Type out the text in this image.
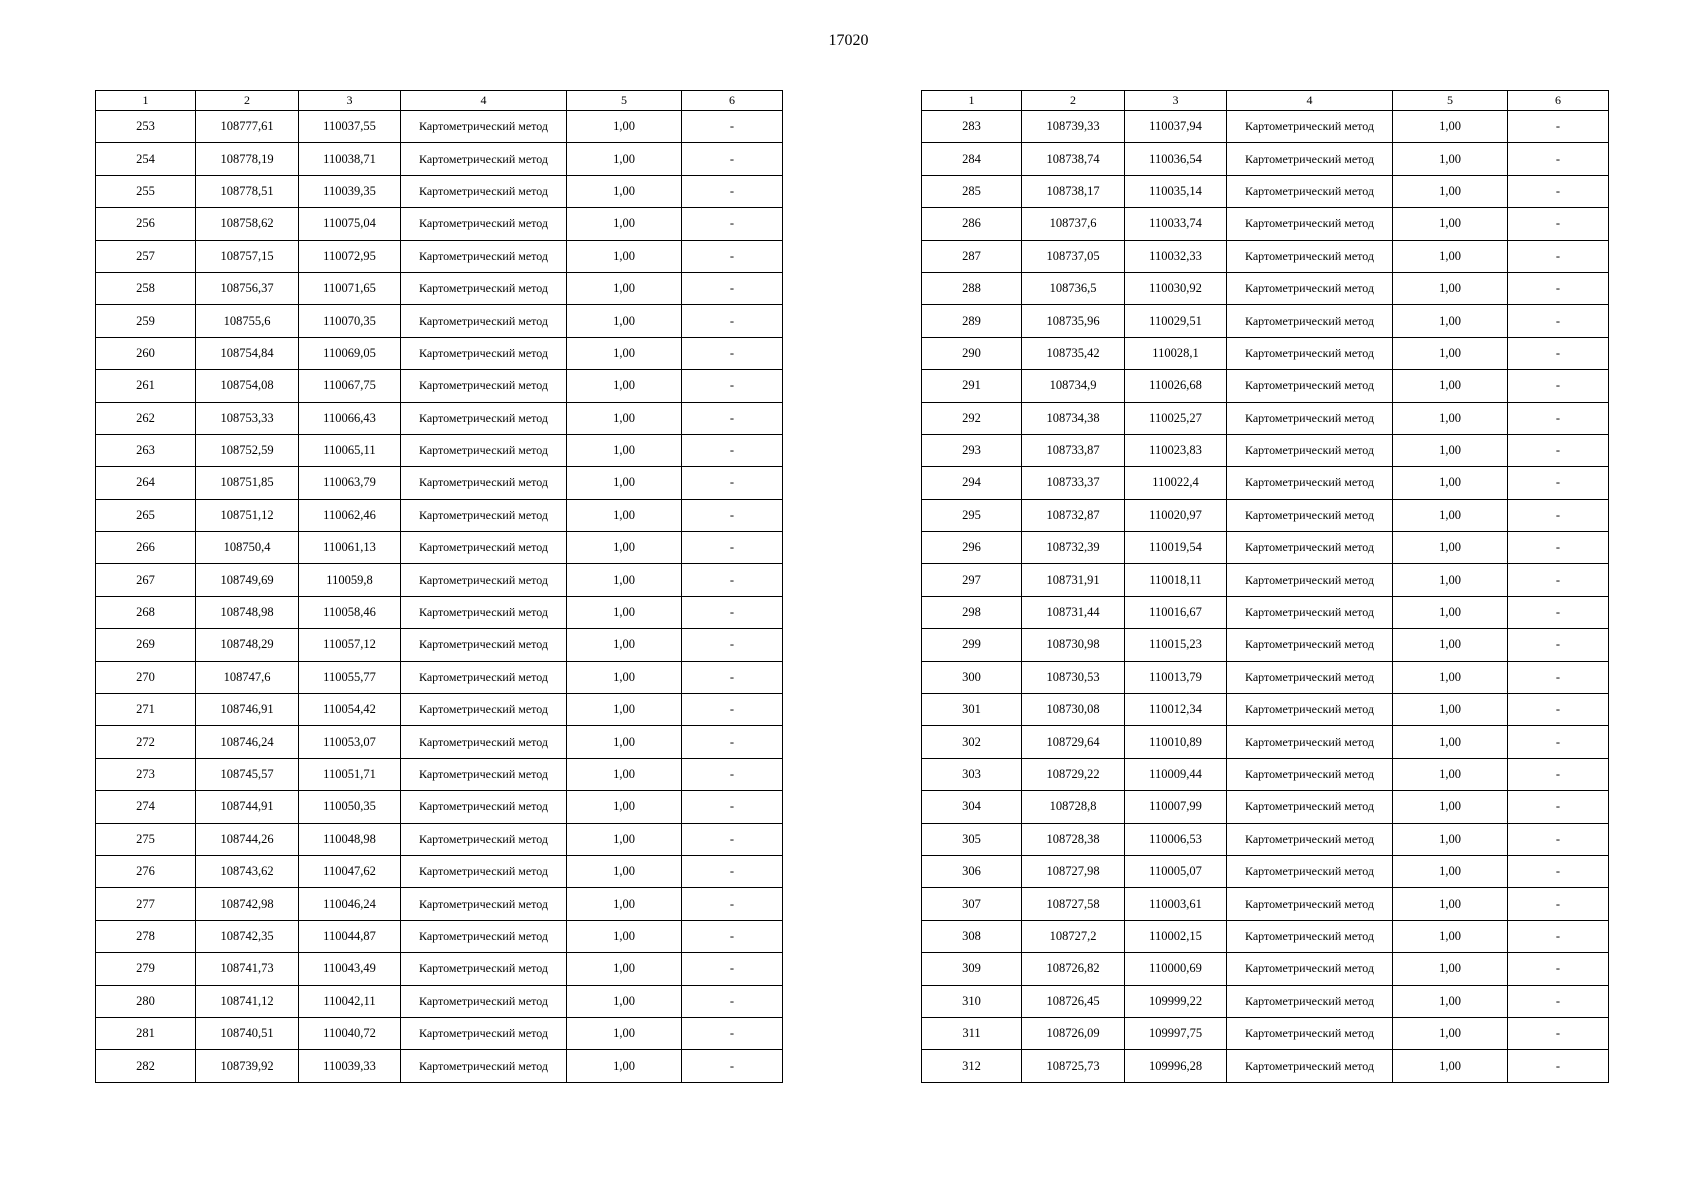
17020
1	2	3	4	5	6
253	108777,61	110037,55	Картометрический метод	1,00	-
254	108778,19	110038,71	Картометрический метод	1,00	-
255	108778,51	110039,35	Картометрический метод	1,00	-
256	108758,62	110075,04	Картометрический метод	1,00	-
257	108757,15	110072,95	Картометрический метод	1,00	-
258	108756,37	110071,65	Картометрический метод	1,00	-
259	108755,6	110070,35	Картометрический метод	1,00	-
260	108754,84	110069,05	Картометрический метод	1,00	-
261	108754,08	110067,75	Картометрический метод	1,00	-
262	108753,33	110066,43	Картометрический метод	1,00	-
263	108752,59	110065,11	Картометрический метод	1,00	-
264	108751,85	110063,79	Картометрический метод	1,00	-
265	108751,12	110062,46	Картометрический метод	1,00	-
266	108750,4	110061,13	Картометрический метод	1,00	-
267	108749,69	110059,8	Картометрический метод	1,00	-
268	108748,98	110058,46	Картометрический метод	1,00	-
269	108748,29	110057,12	Картометрический метод	1,00	-
270	108747,6	110055,77	Картометрический метод	1,00	-
271	108746,91	110054,42	Картометрический метод	1,00	-
272	108746,24	110053,07	Картометрический метод	1,00	-
273	108745,57	110051,71	Картометрический метод	1,00	-
274	108744,91	110050,35	Картометрический метод	1,00	-
275	108744,26	110048,98	Картометрический метод	1,00	-
276	108743,62	110047,62	Картометрический метод	1,00	-
277	108742,98	110046,24	Картометрический метод	1,00	-
278	108742,35	110044,87	Картометрический метод	1,00	-
279	108741,73	110043,49	Картометрический метод	1,00	-
280	108741,12	110042,11	Картометрический метод	1,00	-
281	108740,51	110040,72	Картометрический метод	1,00	-
282	108739,92	110039,33	Картометрический метод	1,00	-
1	2	3	4	5	6
283	108739,33	110037,94	Картометрический метод	1,00	-
284	108738,74	110036,54	Картометрический метод	1,00	-
285	108738,17	110035,14	Картометрический метод	1,00	-
286	108737,6	110033,74	Картометрический метод	1,00	-
287	108737,05	110032,33	Картометрический метод	1,00	-
288	108736,5	110030,92	Картометрический метод	1,00	-
289	108735,96	110029,51	Картометрический метод	1,00	-
290	108735,42	110028,1	Картометрический метод	1,00	-
291	108734,9	110026,68	Картометрический метод	1,00	-
292	108734,38	110025,27	Картометрический метод	1,00	-
293	108733,87	110023,83	Картометрический метод	1,00	-
294	108733,37	110022,4	Картометрический метод	1,00	-
295	108732,87	110020,97	Картометрический метод	1,00	-
296	108732,39	110019,54	Картометрический метод	1,00	-
297	108731,91	110018,11	Картометрический метод	1,00	-
298	108731,44	110016,67	Картометрический метод	1,00	-
299	108730,98	110015,23	Картометрический метод	1,00	-
300	108730,53	110013,79	Картометрический метод	1,00	-
301	108730,08	110012,34	Картометрический метод	1,00	-
302	108729,64	110010,89	Картометрический метод	1,00	-
303	108729,22	110009,44	Картометрический метод	1,00	-
304	108728,8	110007,99	Картометрический метод	1,00	-
305	108728,38	110006,53	Картометрический метод	1,00	-
306	108727,98	110005,07	Картометрический метод	1,00	-
307	108727,58	110003,61	Картометрический метод	1,00	-
308	108727,2	110002,15	Картометрический метод	1,00	-
309	108726,82	110000,69	Картометрический метод	1,00	-
310	108726,45	109999,22	Картометрический метод	1,00	-
311	108726,09	109997,75	Картометрический метод	1,00	-
312	108725,73	109996,28	Картометрический метод	1,00	-
